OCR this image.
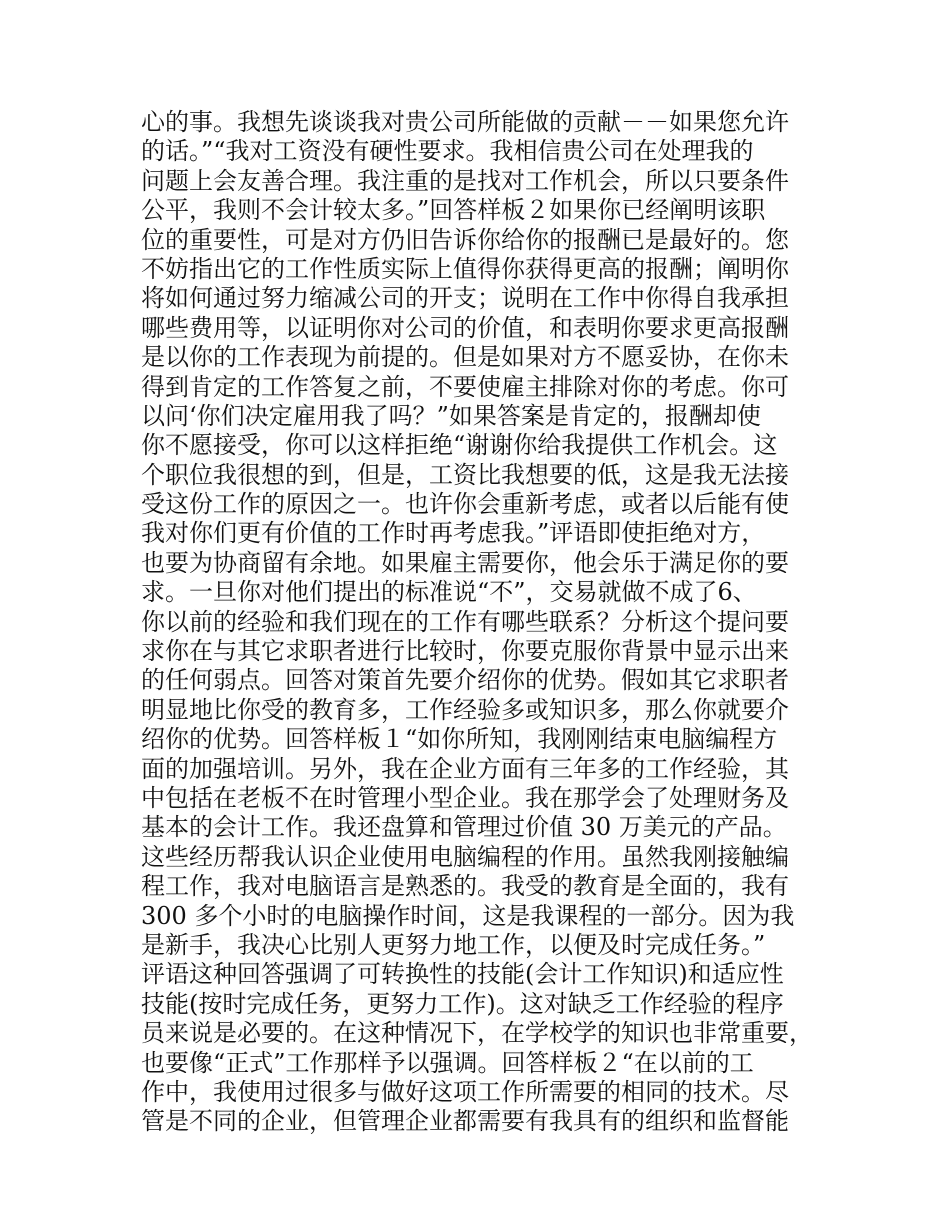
心的事。我想先谈谈我对贵公司所能做的贡献－－如果您允许
的话。”“我对工资没有硬性要求。我相信贵公司在处理我的
问题上会友善合理。我注重的是找对工作机会，所以只要条件
公平，我则不会计较太多。”回答样板２如果你已经阐明该职
位的重要性，可是对方仍旧告诉你给你的报酬已是最好的。您
不妨指出它的工作性质实际上值得你获得更高的报酬；阐明你
将如何通过努力缩减公司的开支；说明在工作中你得自我承担
哪些费用等，以证明你对公司的价值，和表明你要求更高报酬
是以你的工作表现为前提的。但是如果对方不愿妥协，在你未
得到肯定的工作答复之前，不要使雇主排除对你的考虑。你可
以问‘你们决定雇用我了吗？”如果答案是肯定的，报酬却使
你不愿接受，你可以这样拒绝“谢谢你给我提供工作机会。这
个职位我很想的到，但是，工资比我想要的低，这是我无法接
受这份工作的原因之一。也许你会重新考虑，或者以后能有使
我对你们更有价值的工作时再考虑我。”评语即使拒绝对方，
也要为协商留有余地。如果雇主需要你，他会乐于满足你的要
求。一旦你对他们提出的标准说“不”，交易就做不成了6、
你以前的经验和我们现在的工作有哪些联系？分析这个提问要
求你在与其它求职者进行比较时，你要克服你背景中显示出来
的任何弱点。回答对策首先要介绍你的优势。假如其它求职者
明显地比你受的教育多，工作经验多或知识多，那么你就要介
绍你的优势。回答样板１“如你所知，我刚刚结束电脑编程方
面的加强培训。另外，我在企业方面有三年多的工作经验，其
中包括在老板不在时管理小型企业。我在那学会了处理财务及
基本的会计工作。我还盘算和管理过价值 30 万美元的产品。
这些经历帮我认识企业使用电脑编程的作用。虽然我刚接触编
程工作，我对电脑语言是熟悉的。我受的教育是全面的，我有
300 多个小时的电脑操作时间，这是我课程的一部分。因为我
是新手，我决心比别人更努力地工作，以便及时完成任务。”
评语这种回答强调了可转换性的技能(会计工作知识)和适应性
技能(按时完成任务，更努力工作)。这对缺乏工作经验的程序
员来说是必要的。在这种情况下，在学校学的知识也非常重要，
也要像“正式”工作那样予以强调。回答样板２“在以前的工
作中，我使用过很多与做好这项工作所需要的相同的技术。尽
管是不同的企业，但管理企业都需要有我具有的组织和监督能
